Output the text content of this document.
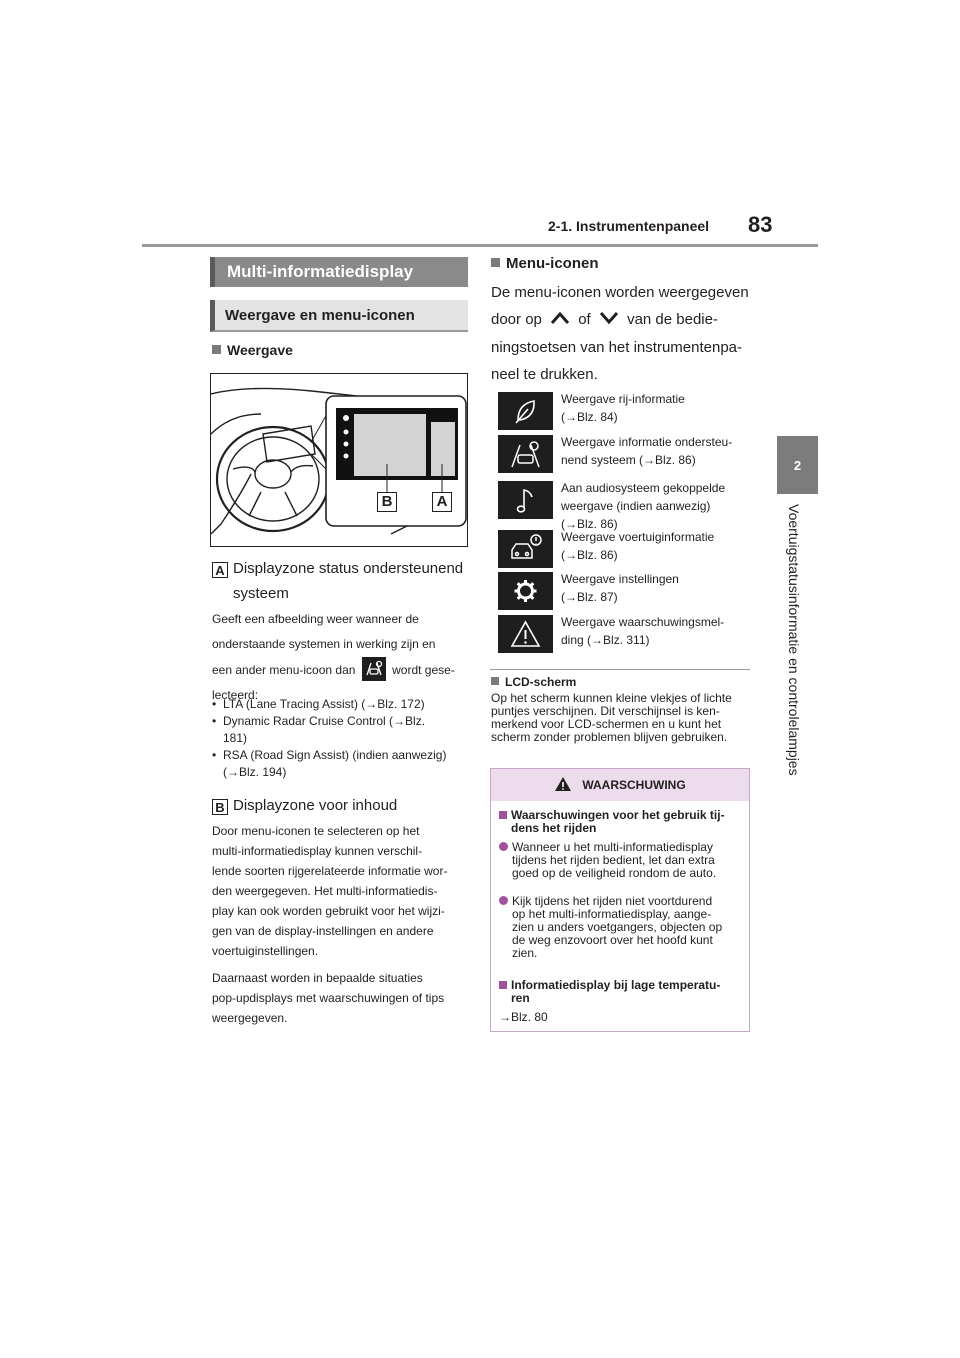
2-1. Instrumentenpaneel 83
2
Voertuigstatusinformatie en controlelampjes
Multi-informatiedisplay
Weergave en menu-iconen
Weergave
B	A
A Displayzone status ondersteunend
systeem
Geeft een afbeelding weer wanneer de
onderstaande systemen in werking zijn en
een ander menu-icoon dan	wordt gese-
lecteerd:
• LTA (Lane Tracing Assist) (→Blz. 172)
• Dynamic Radar Cruise Control (→Blz. 181)
• RSA (Road Sign Assist) (indien aanwezig) (→Blz. 194)
B Displayzone voor inhoud
Door menu-iconen te selecteren op het
multi-informatiedisplay kunnen verschil-
lende soorten rijgerelateerde informatie wor-
den weergegeven. Het multi-informatiedis-
play kan ook worden gebruikt voor het wijzi-
gen van de display-instellingen en andere
voertuiginstellingen.
Daarnaast worden in bepaalde situaties
pop-updisplays met waarschuwingen of tips
weergegeven.
Menu-iconen
De menu-iconen worden weergegeven
door op of van de bedie-
ningstoetsen van het instrumentenpa-
neel te drukken.
Weergave rij-informatie
(→Blz. 84)
Weergave informatie ondersteu-
nend systeem (→Blz. 86)
Aan audiosysteem gekoppelde
weergave (indien aanwezig)
(→Blz. 86)
Weergave voertuiginformatie
(→Blz. 86)
Weergave instellingen
(→Blz. 87)
Weergave waarschuwingsmel-
ding (→Blz. 311)
LCD-scherm
Op het scherm kunnen kleine vlekjes of lichte
puntjes verschijnen. Dit verschijnsel is ken-
merkend voor LCD-schermen en u kunt het
scherm zonder problemen blijven gebruiken.
WAARSCHUWING
Waarschuwingen voor het gebruik tij-
dens het rijden
Wanneer u het multi-informatiedisplay
tijdens het rijden bedient, let dan extra
goed op de veiligheid rondom de auto.
Kijk tijdens het rijden niet voortdurend
op het multi-informatiedisplay, aange-
zien u anders voetgangers, objecten op
de weg enzovoort over het hoofd kunt
zien.
Informatiedisplay bij lage temperatu-
ren
→Blz. 80
